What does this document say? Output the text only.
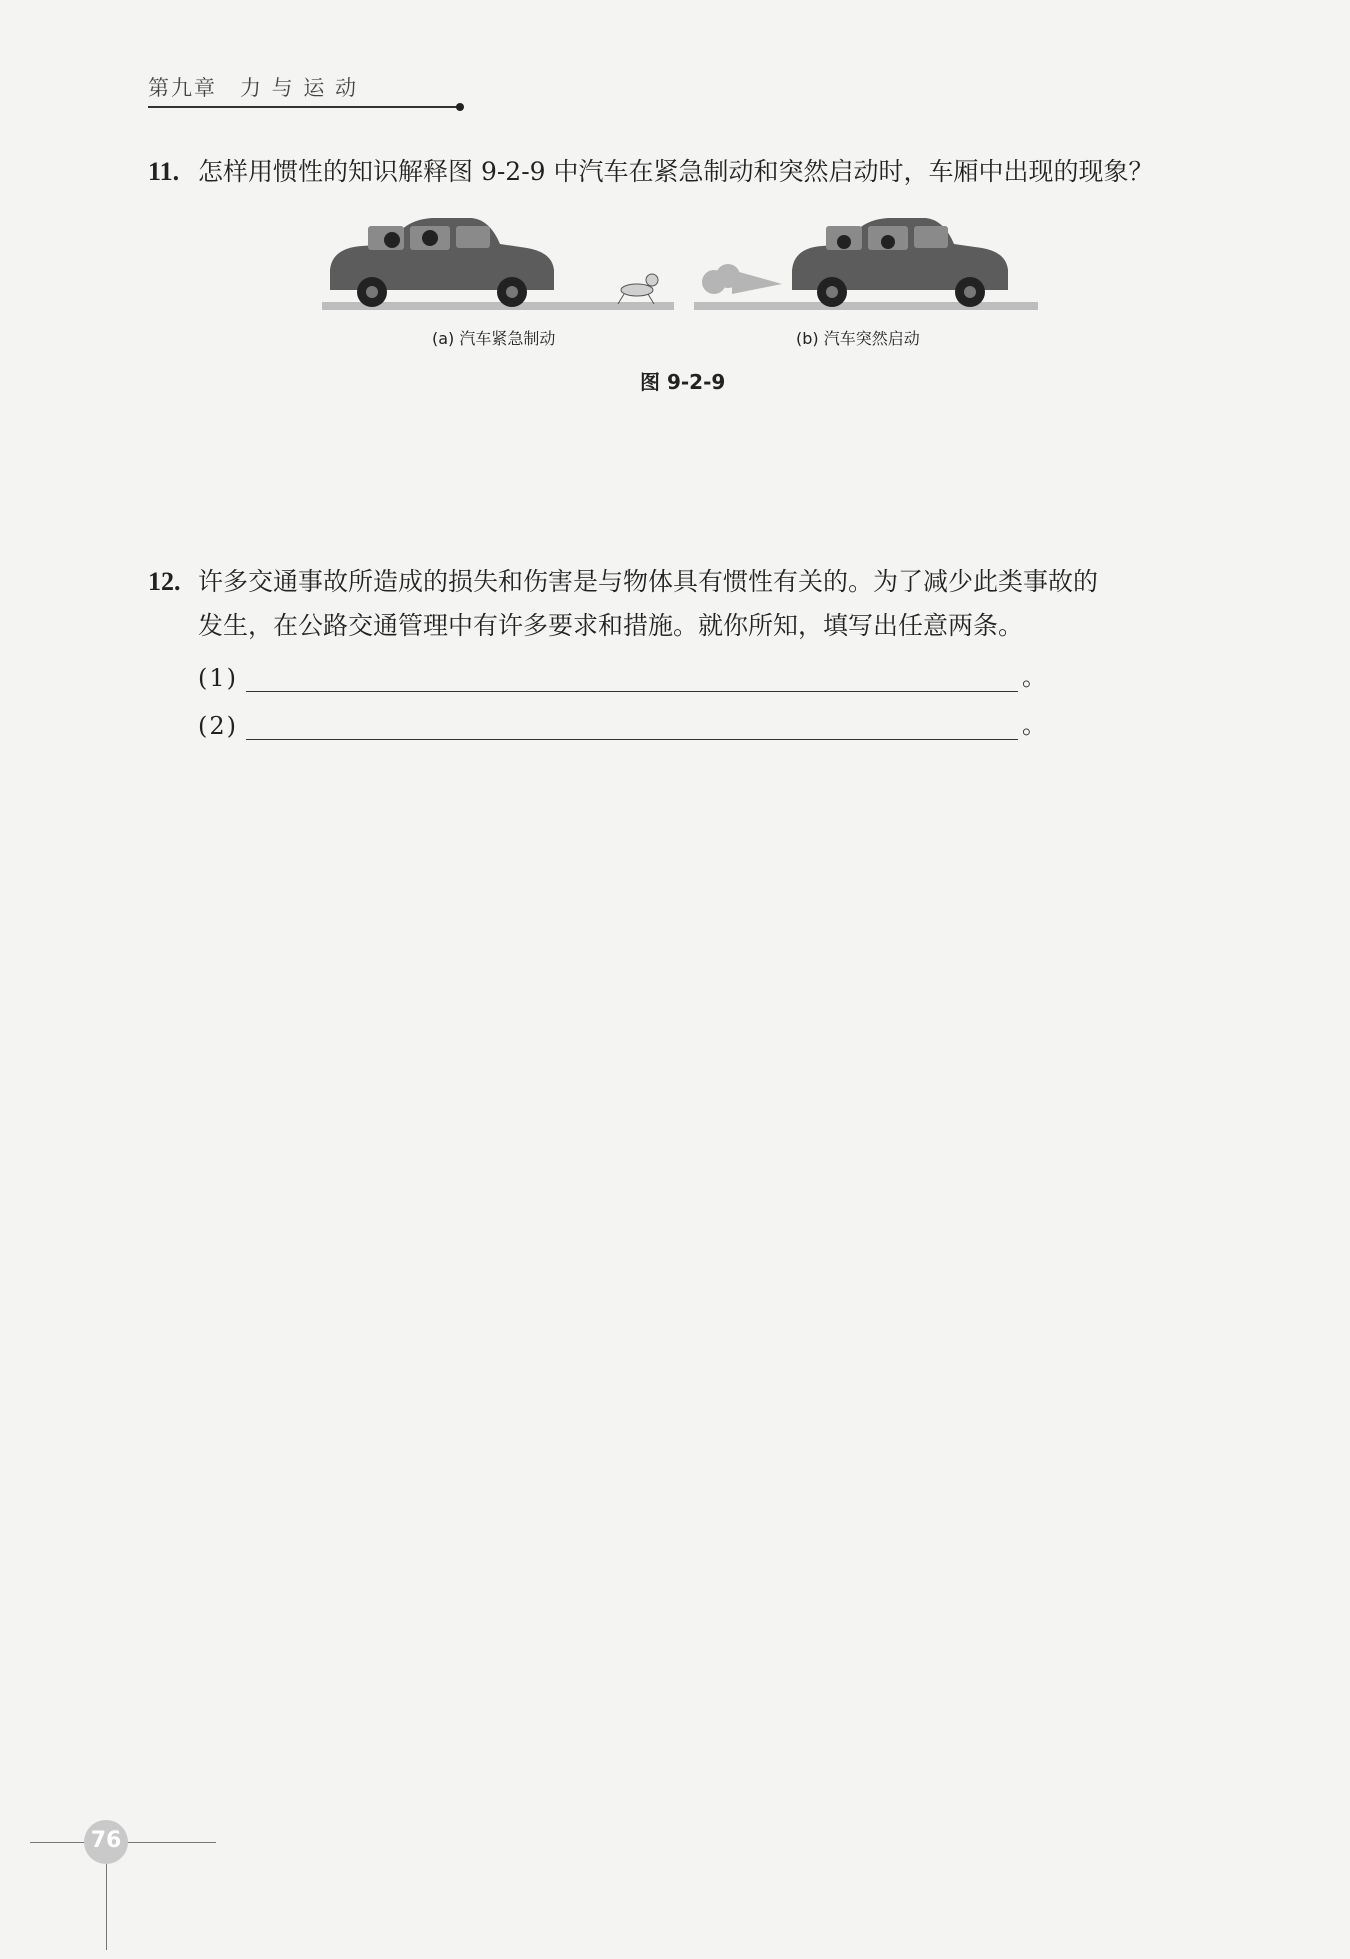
第九章　力 与 运 动
11. 怎样用惯性的知识解释图 9-2-9 中汽车在紧急制动和突然启动时，车厢中出现的现象？
(a) 汽车紧急制动	(b) 汽车突然启动
图 9-2-9
12. 许多交通事故所造成的损失和伤害是与物体具有惯性有关的。为了减少此类事故的
发生，在公路交通管理中有许多要求和措施。就你所知，填写出任意两条。
(1)	。
(2)	。
76
